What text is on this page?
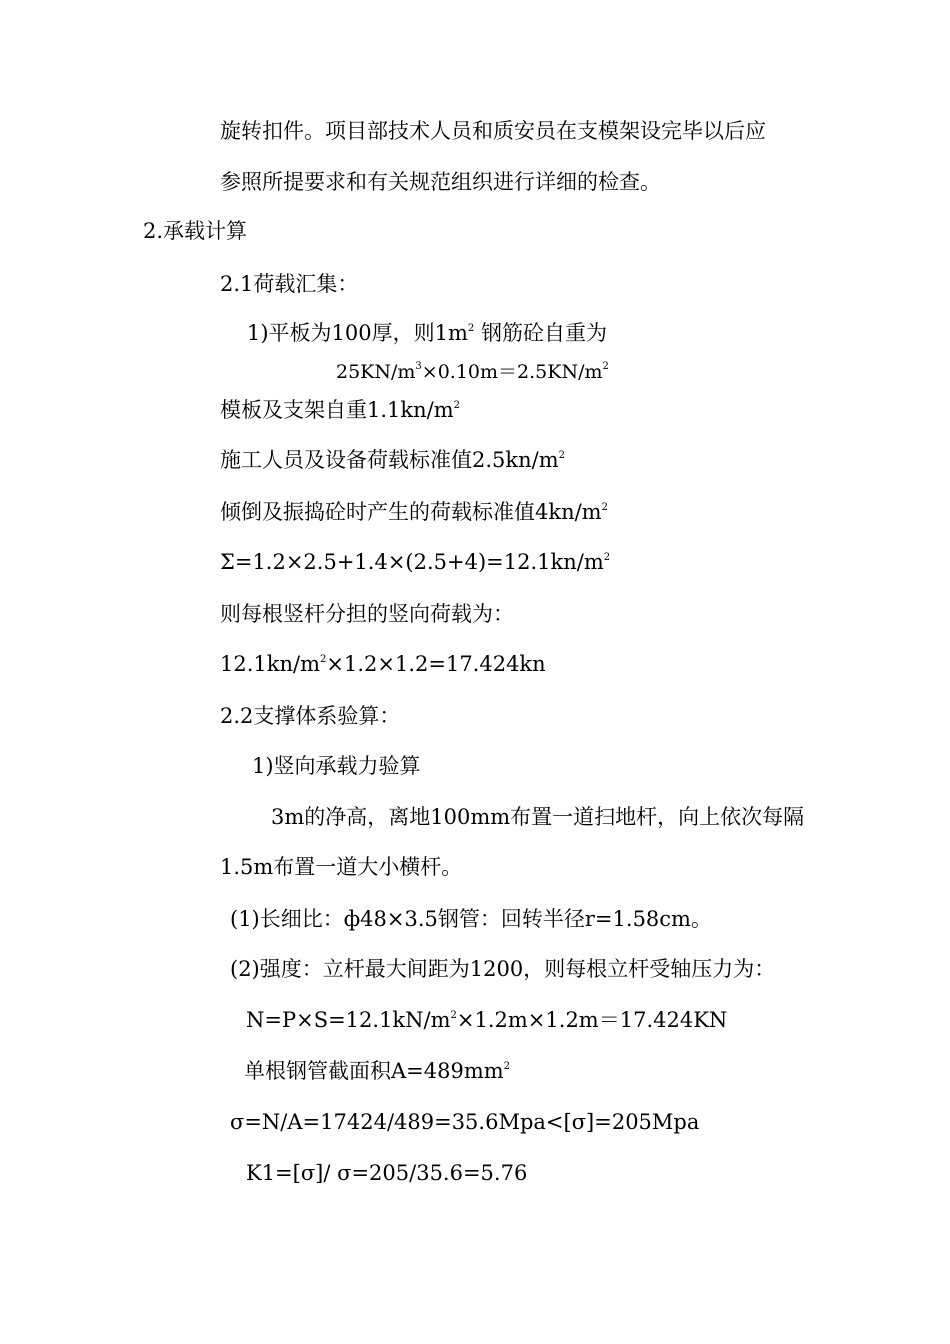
旋转扣件。项目部技术人员和质安员在支模架设完毕以后应
参照所提要求和有关规范组织进行详细的检查。
2.承载计算
2.1荷载汇集：
1)平板为100厚，则$1m^2$ 钢筋砼自重为
$25KN/m^3\times 0.10m=2.5KN/m^2$
模板及支架自重$1.1kn/m^2$
施工人员及设备荷载标准值$2.5kn/m^2$
倾倒及振捣砼时产生的荷载标准值$4kn/m^2$
$\Sigma=1.2\times 2.5+1.4\times(2.5+4)=12.1kn/m^2$
则每根竖杆分担的竖向荷载为：
$12.1kn/m^2\times 1.2\times 1.2=17.424kn$
2.2支撑体系验算：
1)竖向承载力验算
3m的净高，离地100mm布置一道扫地杆，向上依次每隔
1.5m布置一道大小横杆。
(1)长细比：ф48×3.5钢管：回转半径r=1.58cm。
(2)强度：立杆最大间距为1200，则每根立杆受轴压力为：
$N=P\times S=12.1kN/m^2\times 1.2m\times 1.2m=17.424KN$
单根钢管截面积$A=489mm^2$
σ=N/A=17424/489=35.6Mpa<[σ]=205Mpa
K1=[σ]/ σ=205/35.6=5.76
